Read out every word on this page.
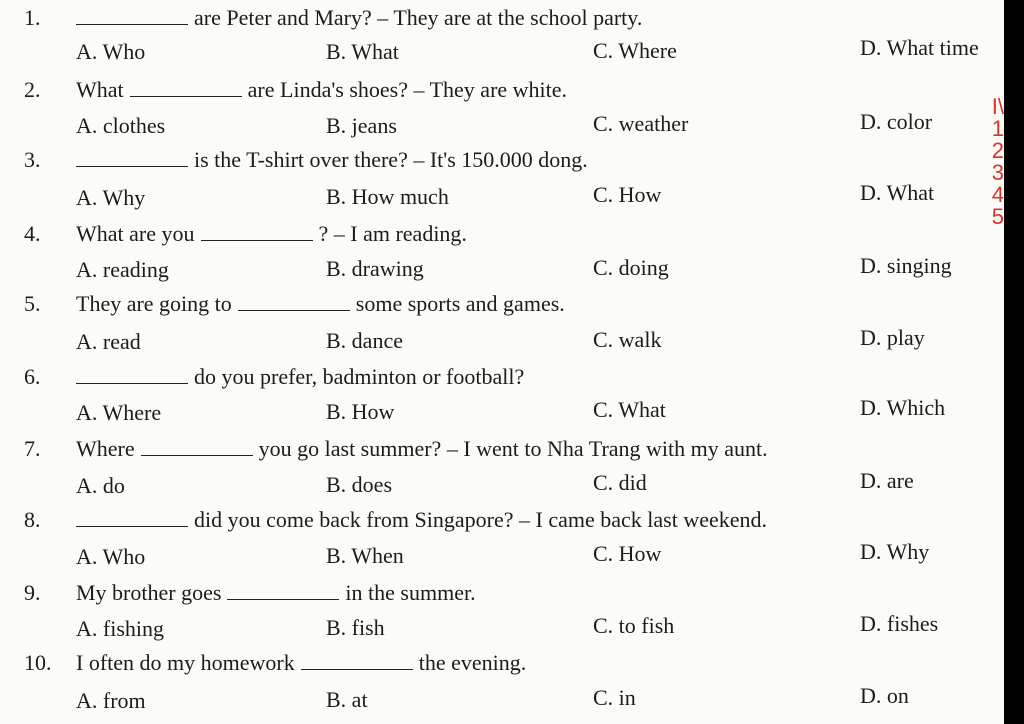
1.	are Peter and Mary? – They are at the school party.
A. Who	B. What	C. Where	D. What time
2. What	are Linda's shoes? – They are white.
A. clothes	B. jeans	C. weather	D. color
3.	is the T-shirt over there? – It's 150.000 dong.
A. Why	B. How much	C. How	D. What
4. What are you	? – I am reading.
A. reading	B. drawing	C. doing	D. singing
5. They are going to	some sports and games.
A. read	B. dance	C. walk	D. play
6.	do you prefer, badminton or football?
A. Where	B. How	C. What	D. Which
7. Where	you go last summer? – I went to Nha Trang with my aunt.
A. do	B. does	C. did	D. are
8.	did you come back from Singapore? – I came back last weekend.
A. Who	B. When	C. How	D. Why
9. My brother goes	in the summer.
A. fishing	B. fish	C. to fish	D. fishes
10. I often do my homework	the evening.
A. from	B. at	C. in	D. on
I\
1
2
3
4
5
